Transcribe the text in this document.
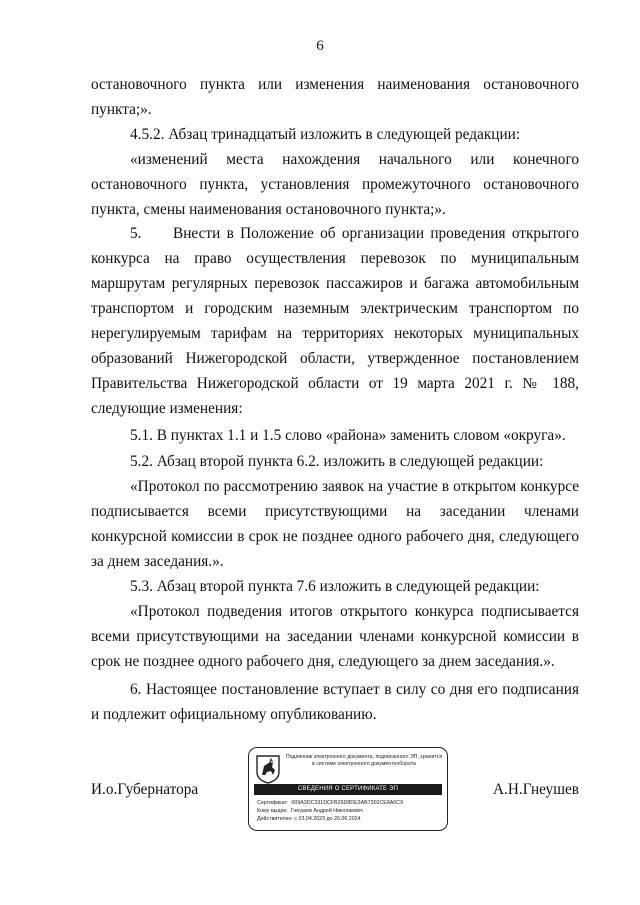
6

остановочного пункта или изменения наименования остановочного пункта;».

4.5.2. Абзац тринадцатый изложить в следующей редакции:

«изменений места нахождения начального или конечного остановочного пункта, установления промежуточного остановочного пункта, смены наименования остановочного пункта;».

5.     Внести в Положение об организации проведения открытого конкурса на право осуществления перевозок по муниципальным маршрутам регулярных перевозок пассажиров и багажа автомобильным транспортом и городским наземным электрическим транспортом по нерегулируемым тарифам на территориях некоторых муниципальных образований Нижегородской области, утвержденное постановлением Правительства Нижегородской области от 19 марта 2021 г. № 188, следующие изменения:

5.1. В пунктах 1.1 и 1.5 слово «района» заменить словом «округа».

5.2. Абзац второй пункта 6.2. изложить в следующей редакции:

«Протокол по рассмотрению заявок на участие в открытом конкурсе подписывается всеми присутствующими на заседании членами конкурсной комиссии в срок не позднее одного рабочего дня, следующего за днем заседания.».

5.3. Абзац второй пункта 7.6 изложить в следующей редакции:

«Протокол подведения итогов открытого конкурса подписывается всеми присутствующими на заседании членами конкурсной комиссии в срок не позднее одного рабочего дня, следующего за днем заседания.».

6. Настоящее постановление вступает в силу со дня его подписания и подлежит официальному опубликованию.

И.о.Губернатора	А.Н.Гнеушев

Подлинник электронного документа, подписанного ЭП, хранится в системе электронного документооборота
СВЕДЕНИЯ О СЕРТИФИКАТЕ ЭП
Сертификат: 009A3DC331DCFB26D8DE3AB7302CE8A0C9
Кому выдан: Гнеушев Андрей Николаевич
Действителен: с 03.04.2023 до 26.06.2024
